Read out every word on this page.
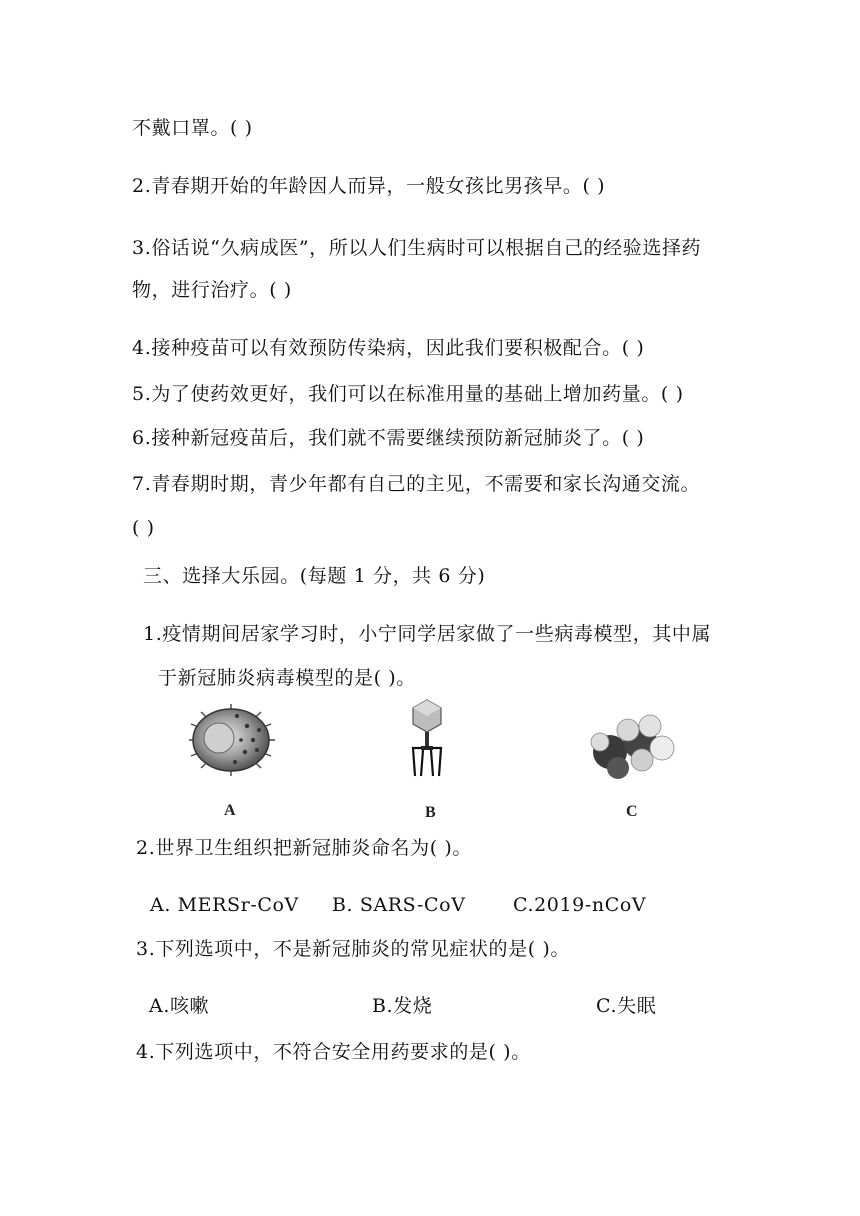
不戴口罩。( )
2.青春期开始的年龄因人而异，一般女孩比男孩早。( )
3.俗话说“久病成医”，所以人们生病时可以根据自己的经验选择药
物，进行治疗。( )
4.接种疫苗可以有效预防传染病，因此我们要积极配合。( )
5.为了使药效更好，我们可以在标准用量的基础上增加药量。( )
6.接种新冠疫苗后，我们就不需要继续预防新冠肺炎了。( )
7.青春期时期，青少年都有自己的主见，不需要和家长沟通交流。
( )
三、选择大乐园。(每题 1 分，共 6 分)
1.疫情期间居家学习时，小宁同学居家做了一些病毒模型，其中属
于新冠肺炎病毒模型的是( )。
A	B	C
2.世界卫生组织把新冠肺炎命名为( )。
A. MERSr-CoV B. SARS-CoV C.2019-nCoV
3.下列选项中，不是新冠肺炎的常见症状的是( )。
A.咳嗽	B.发烧	C.失眠
4.下列选项中，不符合安全用药要求的是( )。
